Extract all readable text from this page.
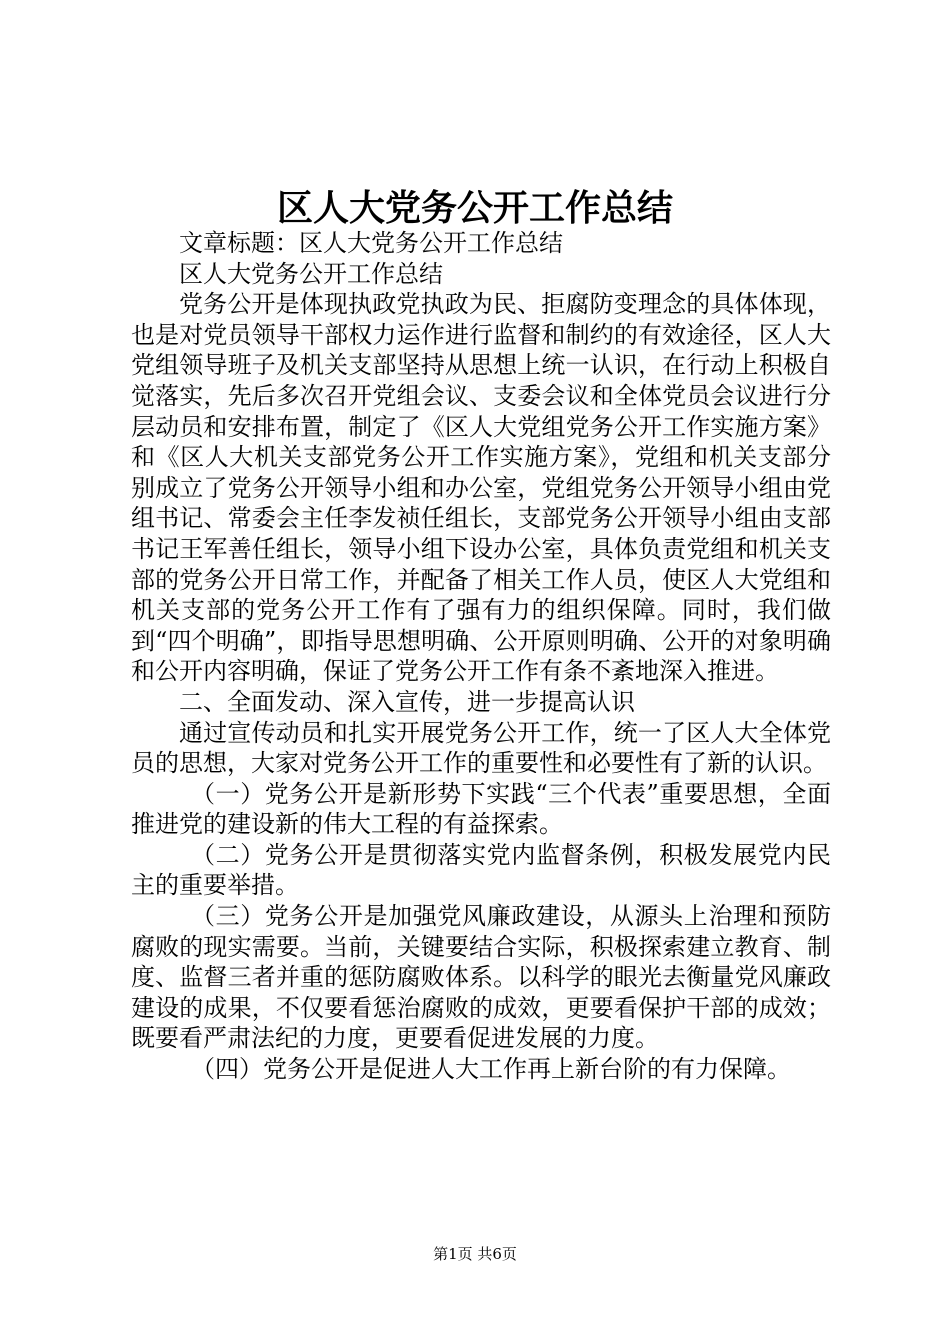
区人大党务公开工作总结

文章标题：区人大党务公开工作总结

区人大党务公开工作总结

党务公开是体现执政党执政为民、拒腐防变理念的具体体现，也是对党员领导干部权力运作进行监督和制约的有效途径，区人大党组领导班子及机关支部坚持从思想上统一认识，在行动上积极自觉落实，先后多次召开党组会议、支委会议和全体党员会议进行分层动员和安排布置，制定了《区人大党组党务公开工作实施方案》和《区人大机关支部党务公开工作实施方案》，党组和机关支部分别成立了党务公开领导小组和办公室，党组党务公开领导小组由党组书记、常委会主任李发祯任组长，支部党务公开领导小组由支部书记王军善任组长，领导小组下设办公室，具体负责党组和机关支部的党务公开日常工作，并配备了相关工作人员，使区人大党组和机关支部的党务公开工作有了强有力的组织保障。同时，我们做到“四个明确”，即指导思想明确、公开原则明确、公开的对象明确和公开内容明确，保证了党务公开工作有条不紊地深入推进。

二、全面发动、深入宣传，进一步提高认识

通过宣传动员和扎实开展党务公开工作，统一了区人大全体党员的思想，大家对党务公开工作的重要性和必要性有了新的认识。

（一）党务公开是新形势下实践“三个代表”重要思想，全面推进党的建设新的伟大工程的有益探索。

（二）党务公开是贯彻落实党内监督条例，积极发展党内民主的重要举措。

（三）党务公开是加强党风廉政建设，从源头上治理和预防腐败的现实需要。当前，关键要结合实际，积极探索建立教育、制度、监督三者并重的惩防腐败体系。以科学的眼光去衡量党风廉政建设的成果，不仅要看惩治腐败的成效，更要看保护干部的成效；既要看严肃法纪的力度，更要看促进发展的力度。

（四）党务公开是促进人大工作再上新台阶的有力保障。

第1页 共6页
